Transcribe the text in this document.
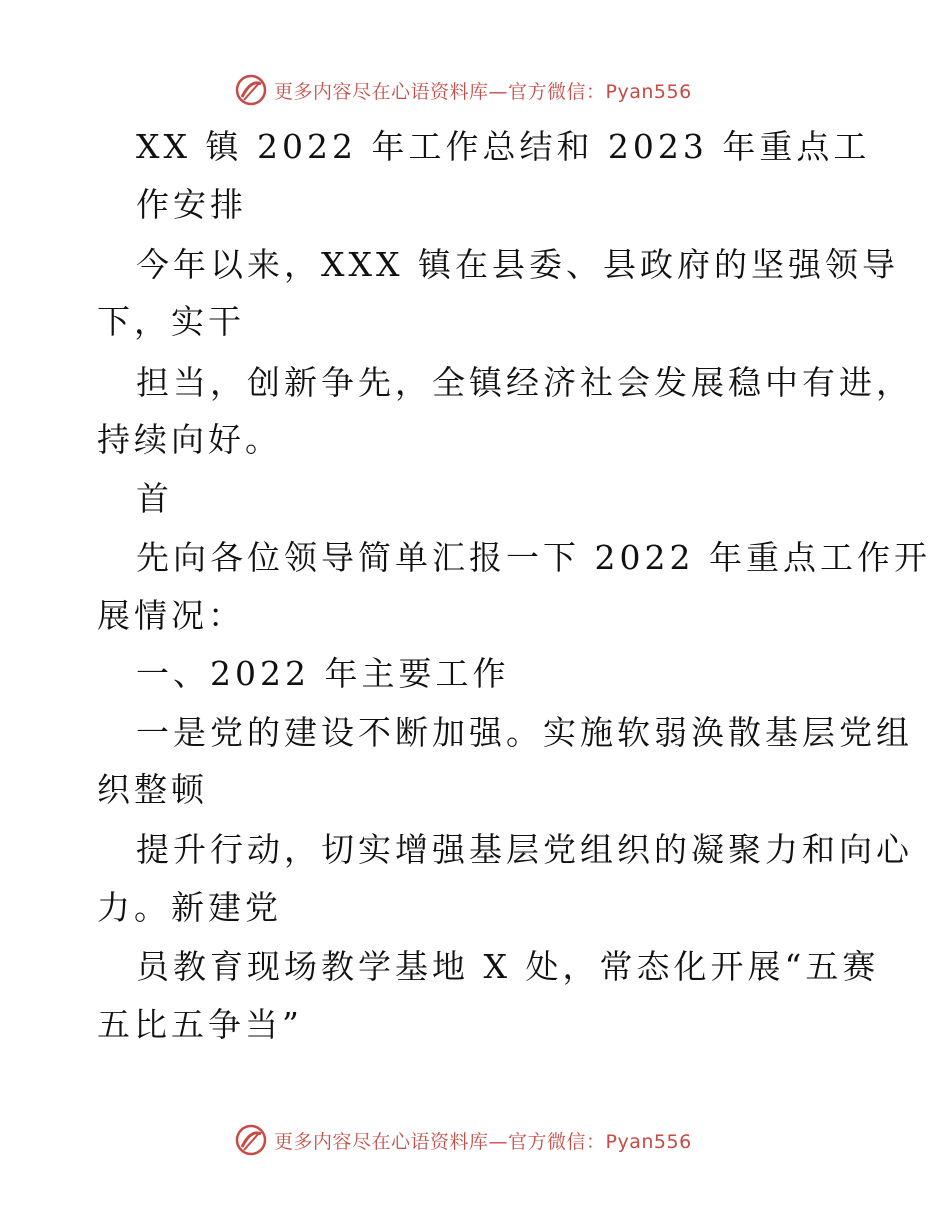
更多内容尽在心语资料库—官方微信：Pyan556
XX 镇 2022 年工作总结和 2023 年重点工
作安排
今年以来，XXX 镇在县委、县政府的坚强领导
下，实干
担当，创新争先，全镇经济社会发展稳中有进，
持续向好。
首
先向各位领导简单汇报一下 2022 年重点工作开
展情况：
一、2022 年主要工作
一是党的建设不断加强。实施软弱涣散基层党组
织整顿
提升行动，切实增强基层党组织的凝聚力和向心
力。新建党
员教育现场教学基地 X 处，常态化开展“五赛
五比五争当”
更多内容尽在心语资料库—官方微信：Pyan556
